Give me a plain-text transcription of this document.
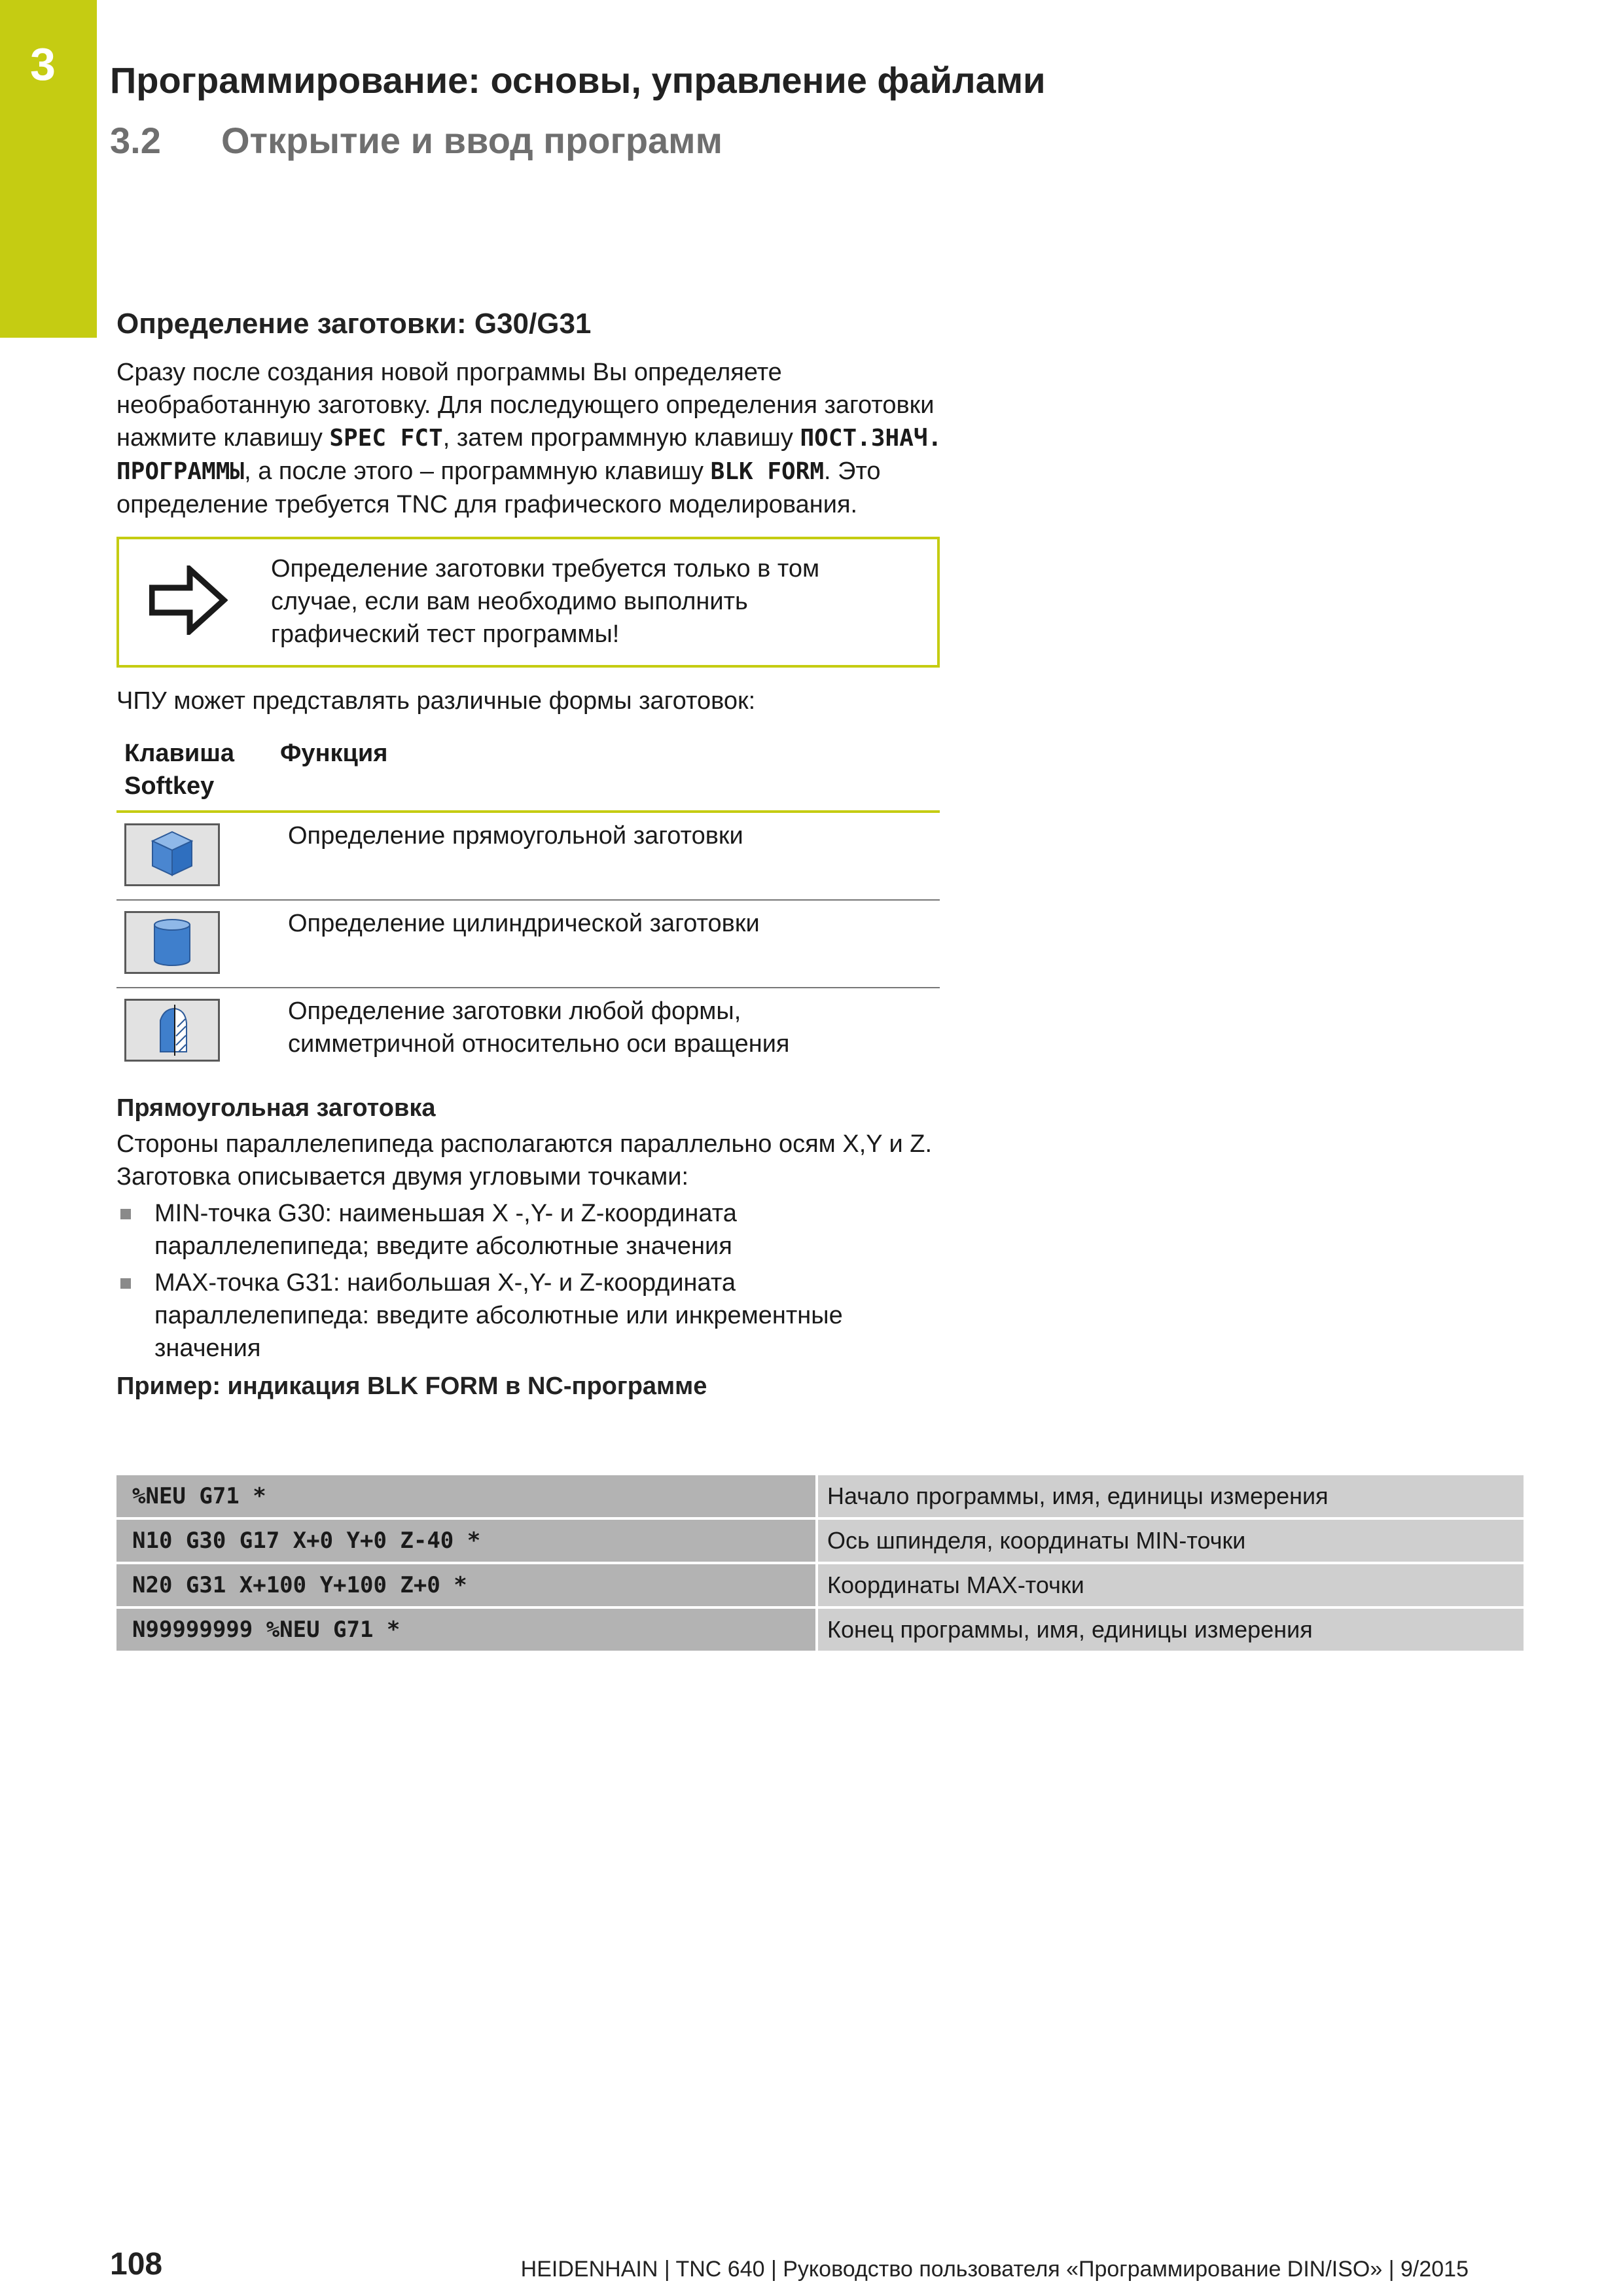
3 Программирование: основы, управление файлами
3.2 Открытие и ввод программ
Определение заготовки: G30/G31

Сразу после создания новой программы Вы определяете необработанную заготовку. Для последующего определения заготовки нажмите клавишу SPEC FCT, затем программную клавишу ПОСТ.ЗНАЧ. ПРОГРАММЫ, а после этого – программную клавишу BLK FORM. Это определение требуется TNC для графического моделирования.

Определение заготовки требуется только в том случае, если вам необходимо выполнить графический тест программы!

ЧПУ может представлять различные формы заготовок:

Клавиша
Softkey
Функция
Определение прямоугольной заготовки
Определение цилиндрической заготовки
Определение заготовки любой формы,
симметричной относительно оси вращения
Прямоугольная заготовка

Стороны параллелепипеда располагаются параллельно осям X,Y и Z. Заготовка описывается двумя угловыми точками:

MIN-точка G30: наименьшая X -,Y- и Z-координата параллелепипеда; введите абсолютные значения
MAX-точка G31: наибольшая X-,Y- и Z-координата параллелепипеда: введите абсолютные или инкрементные значения
Пример: индикация BLK FORM в NC-программе
%NEU G71 *	Начало программы, имя, единицы измерения
N10 G30 G17 X+0 Y+0 Z-40 *	Ось шпинделя, координаты MIN-точки
N20 G31 X+100 Y+100 Z+0 *	Координаты MAX-точки
N99999999 %NEU G71 *	Конец программы, имя, единицы измерения
108	HEIDENHAIN | TNC 640 | Руководство пользователя «Программирование DIN/ISO» | 9/2015
